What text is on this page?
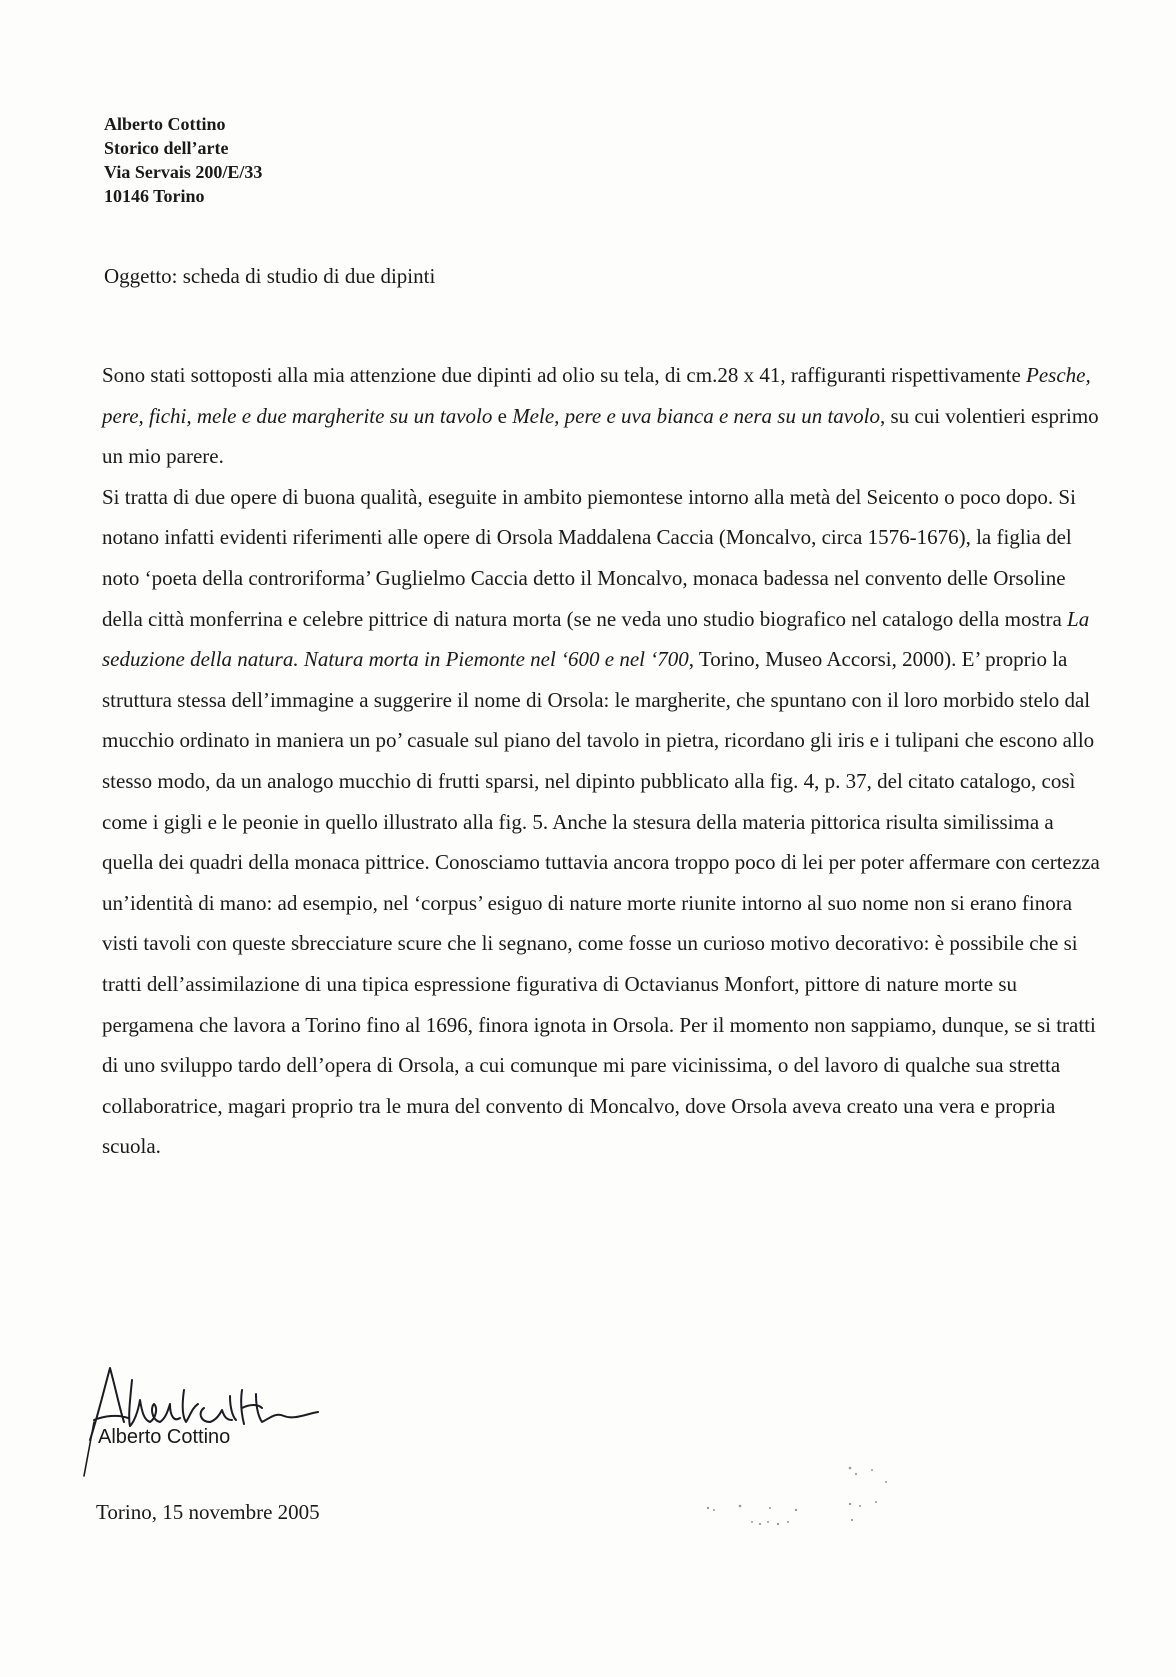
Alberto Cottino
Storico dell’arte
Via Servais 200/E/33
10146 Torino
Oggetto: scheda di studio di due dipinti

Sono stati sottoposti alla mia attenzione due dipinti ad olio su tela, di cm.28 x 41, raffiguranti rispettivamente Pesche, pere, fichi, mele e due margherite su un tavolo e Mele, pere e uva bianca e nera su un tavolo, su cui volentieri esprimo un mio parere.

Si tratta di due opere di buona qualità, eseguite in ambito piemontese intorno alla metà del Seicento o poco dopo. Si notano infatti evidenti riferimenti alle opere di Orsola Maddalena Caccia (Moncalvo, circa 1576-1676), la figlia del noto ‘poeta della controriforma’ Guglielmo Caccia detto il Moncalvo, monaca badessa nel convento delle Orsoline della città monferrina e celebre pittrice di natura morta (se ne veda uno studio biografico nel catalogo della mostra La seduzione della natura. Natura morta in Piemonte nel ‘600 e nel ‘700, Torino, Museo Accorsi, 2000). E’ proprio la struttura stessa dell’immagine a suggerire il nome di Orsola: le margherite, che spuntano con il loro morbido stelo dal mucchio ordinato in maniera un po’ casuale sul piano del tavolo in pietra, ricordano gli iris e i tulipani che escono allo stesso modo, da un analogo mucchio di frutti sparsi, nel dipinto pubblicato alla fig. 4, p. 37, del citato catalogo, così come i gigli e le peonie in quello illustrato alla fig. 5. Anche la stesura della materia pittorica risulta similissima a quella dei quadri della monaca pittrice. Conosciamo tuttavia ancora troppo poco di lei per poter affermare con certezza un’identità di mano: ad esempio, nel ‘corpus’ esiguo di nature morte riunite intorno al suo nome non si erano finora visti tavoli con queste sbrecciature scure che li segnano, come fosse un curioso motivo decorativo: è possibile che si tratti dell’assimilazione di una tipica espressione figurativa di Octavianus Monfort, pittore di nature morte su pergamena che lavora a Torino fino al 1696, finora ignota in Orsola. Per il momento non sappiamo, dunque, se si tratti di uno sviluppo tardo dell’opera di Orsola, a cui comunque mi pare vicinissima, o del lavoro di qualche sua stretta collaboratrice, magari proprio tra le mura del convento di Moncalvo, dove Orsola aveva creato una vera e propria scuola.

Alberto Cottino
Alberto Cottino
Torino, 15 novembre 2005
